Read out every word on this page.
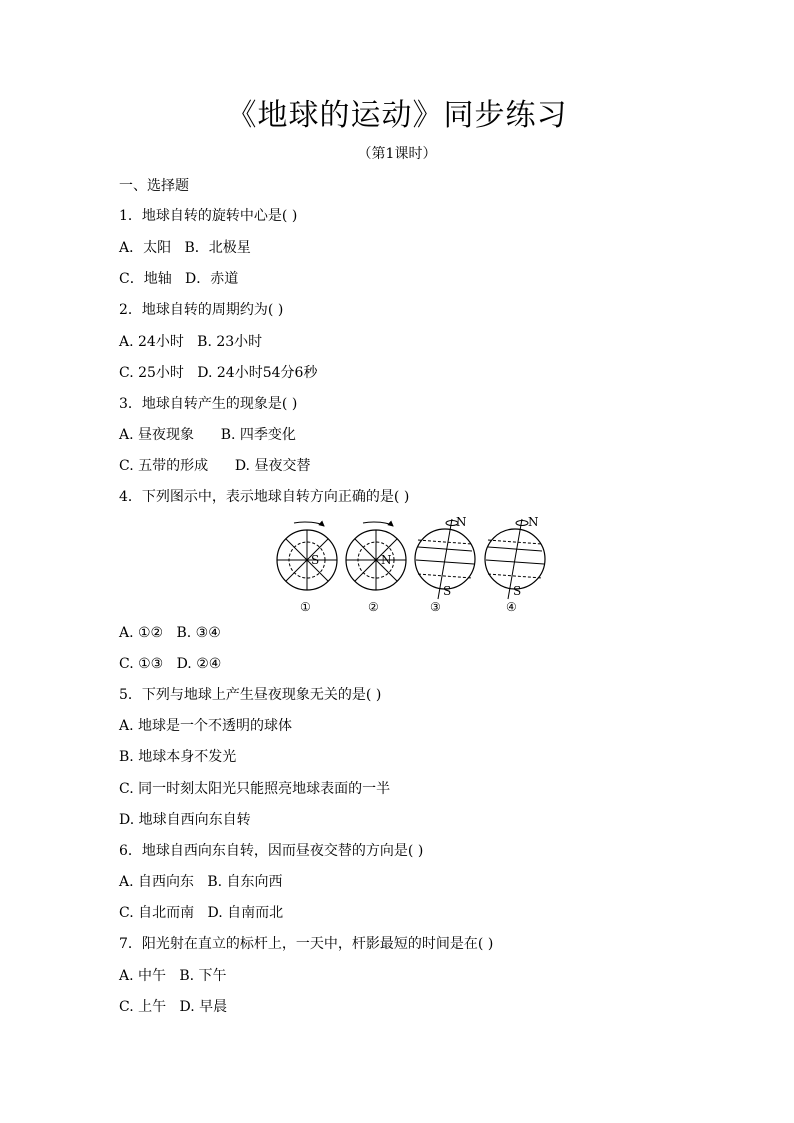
《地球的运动》同步练习
（第1课时）
一、选择题
1．地球自转的旋转中心是( )
A．太阳   B．北极星
C．地轴   D．赤道
2．地球自转的周期约为( )
A. 24小时   B. 23小时
C. 25小时   D. 24小时54分6秒
3．地球自转产生的现象是( )
A. 昼夜现象      B. 四季变化
C. 五带的形成      D. 昼夜交替
4．下列图示中，表示地球自转方向正确的是( )
S	N
N
S
N
S
①	②	③	④
A. ①②   B. ③④
C. ①③   D. ②④
5．下列与地球上产生昼夜现象无关的是( )
A. 地球是一个不透明的球体
B. 地球本身不发光
C. 同一时刻太阳光只能照亮地球表面的一半
D. 地球自西向东自转
6．地球自西向东自转，因而昼夜交替的方向是( )
A. 自西向东   B. 自东向西
C. 自北而南   D. 自南而北
7．阳光射在直立的标杆上，一天中，杆影最短的时间是在( )
A. 中午   B. 下午
C. 上午   D. 早晨
